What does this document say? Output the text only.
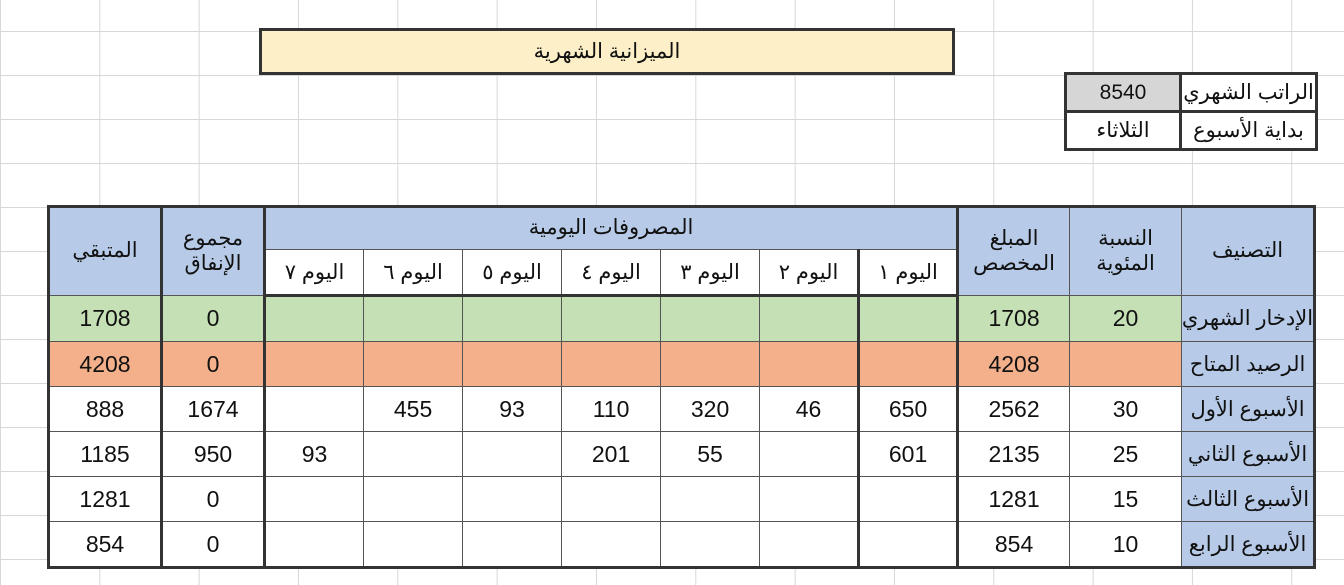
الميزانية الشهرية
8540	الراتب الشهري
الثلاثاء	بداية الأسبوع
التصنيف	النسبة المئوية	المبلغ المخصص	المصروفات اليومية							مجموع الإنفاق	المتبقي
			اليوم ١	اليوم ٢	اليوم ٣	اليوم ٤	اليوم ٥	اليوم ٦	اليوم ٧		
الإدخار الشهري	20	1708								0	1708
الرصيد المتاح		4208								0	4208
الأسبوع الأول	30	2562	650	46	320	110	93	455		1674	888
الأسبوع الثاني	25	2135	601		55	201			93	950	1185
الأسبوع الثالث	15	1281								0	1281
الأسبوع الرابع	10	854								0	854
